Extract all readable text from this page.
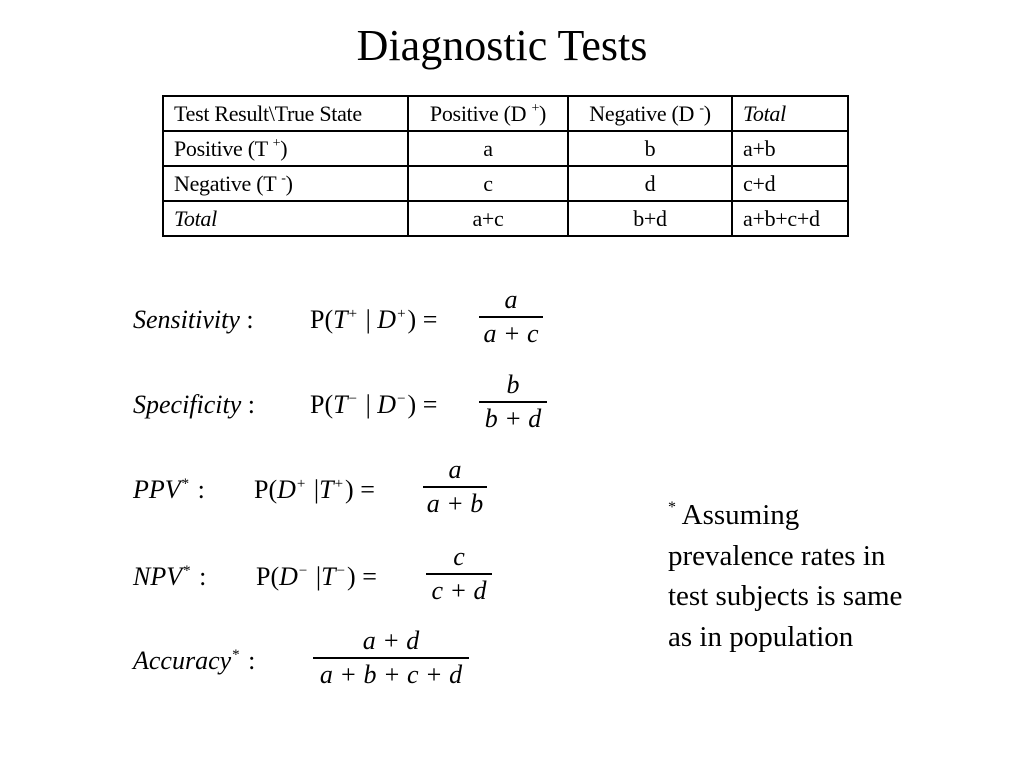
Diagnostic Tests
Test Result\True State	Positive (D +)	Negative (D -)	Total
Positive (T +)	a	b	a+b
Negative (T -)	c	d	c+d
Total	a+c	b+d	a+b+c+d
Sensitivity : P(T+ | D+) =
a
a + c
Specificity : P(T− | D−) =
b
b + d
PPV* : P(D+ |T+) =
a
a + b
NPV* : P(D− |T−) =
c
c + d
Accuracy* :
a + d
a + b + c + d
* Assuming prevalence rates in test subjects is same as in population
